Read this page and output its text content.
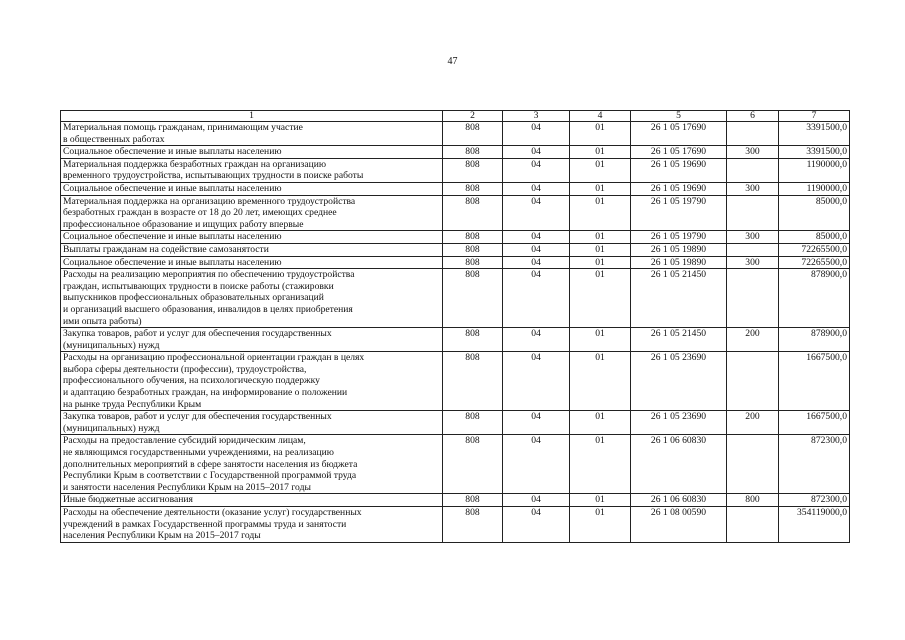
47
1	2	3	4	5	6	7
Материальная помощь гражданам, принимающим участие
в общественных работах	808	04	01	26 1 05 17690		3391500,0
Социальное обеспечение и иные выплаты населению	808	04	01	26 1 05 17690	300	3391500,0
Материальная поддержка безработных граждан на организацию
временного трудоустройства, испытывающих трудности в поиске работы	808	04	01	26 1 05 19690		1190000,0
Социальное обеспечение и иные выплаты населению	808	04	01	26 1 05 19690	300	1190000,0
Материальная поддержка на организацию временного трудоустройства
безработных граждан в возрасте от 18 до 20 лет, имеющих среднее
профессиональное образование и ищущих работу впервые	808	04	01	26 1 05 19790		85000,0
Социальное обеспечение и иные выплаты населению	808	04	01	26 1 05 19790	300	85000,0
Выплаты гражданам на содействие самозанятости	808	04	01	26 1 05 19890		72265500,0
Социальное обеспечение и иные выплаты населению	808	04	01	26 1 05 19890	300	72265500,0
Расходы на реализацию мероприятия по обеспечению трудоустройства
граждан, испытывающих трудности в поиске работы (стажировки
выпускников профессиональных образовательных организаций
и организаций высшего образования, инвалидов в целях приобретения
ими опыта работы)	808	04	01	26 1 05 21450		878900,0
Закупка товаров, работ и услуг для обеспечения государственных
(муниципальных) нужд	808	04	01	26 1 05 21450	200	878900,0
Расходы на организацию профессиональной ориентации граждан в целях
выбора сферы деятельности (профессии), трудоустройства,
профессионального обучения, на психологическую поддержку
и адаптацию безработных граждан, на информирование о положении
на рынке труда Республики Крым	808	04	01	26 1 05 23690		1667500,0
Закупка товаров, работ и услуг для обеспечения государственных
(муниципальных) нужд	808	04	01	26 1 05 23690	200	1667500,0
Расходы на предоставление субсидий юридическим лицам,
не являющимся государственными учреждениями, на реализацию
дополнительных мероприятий в сфере занятости населения из бюджета
Республики Крым в соответствии с Государственной программой труда
и занятости населения Республики Крым на 2015–2017 годы	808	04	01	26 1 06 60830		872300,0
Иные бюджетные ассигнования	808	04	01	26 1 06 60830	800	872300,0
Расходы на обеспечение деятельности (оказание услуг) государственных
учреждений в рамках Государственной программы труда и занятости
населения Республики Крым на 2015–2017 годы	808	04	01	26 1 08 00590		354119000,0
